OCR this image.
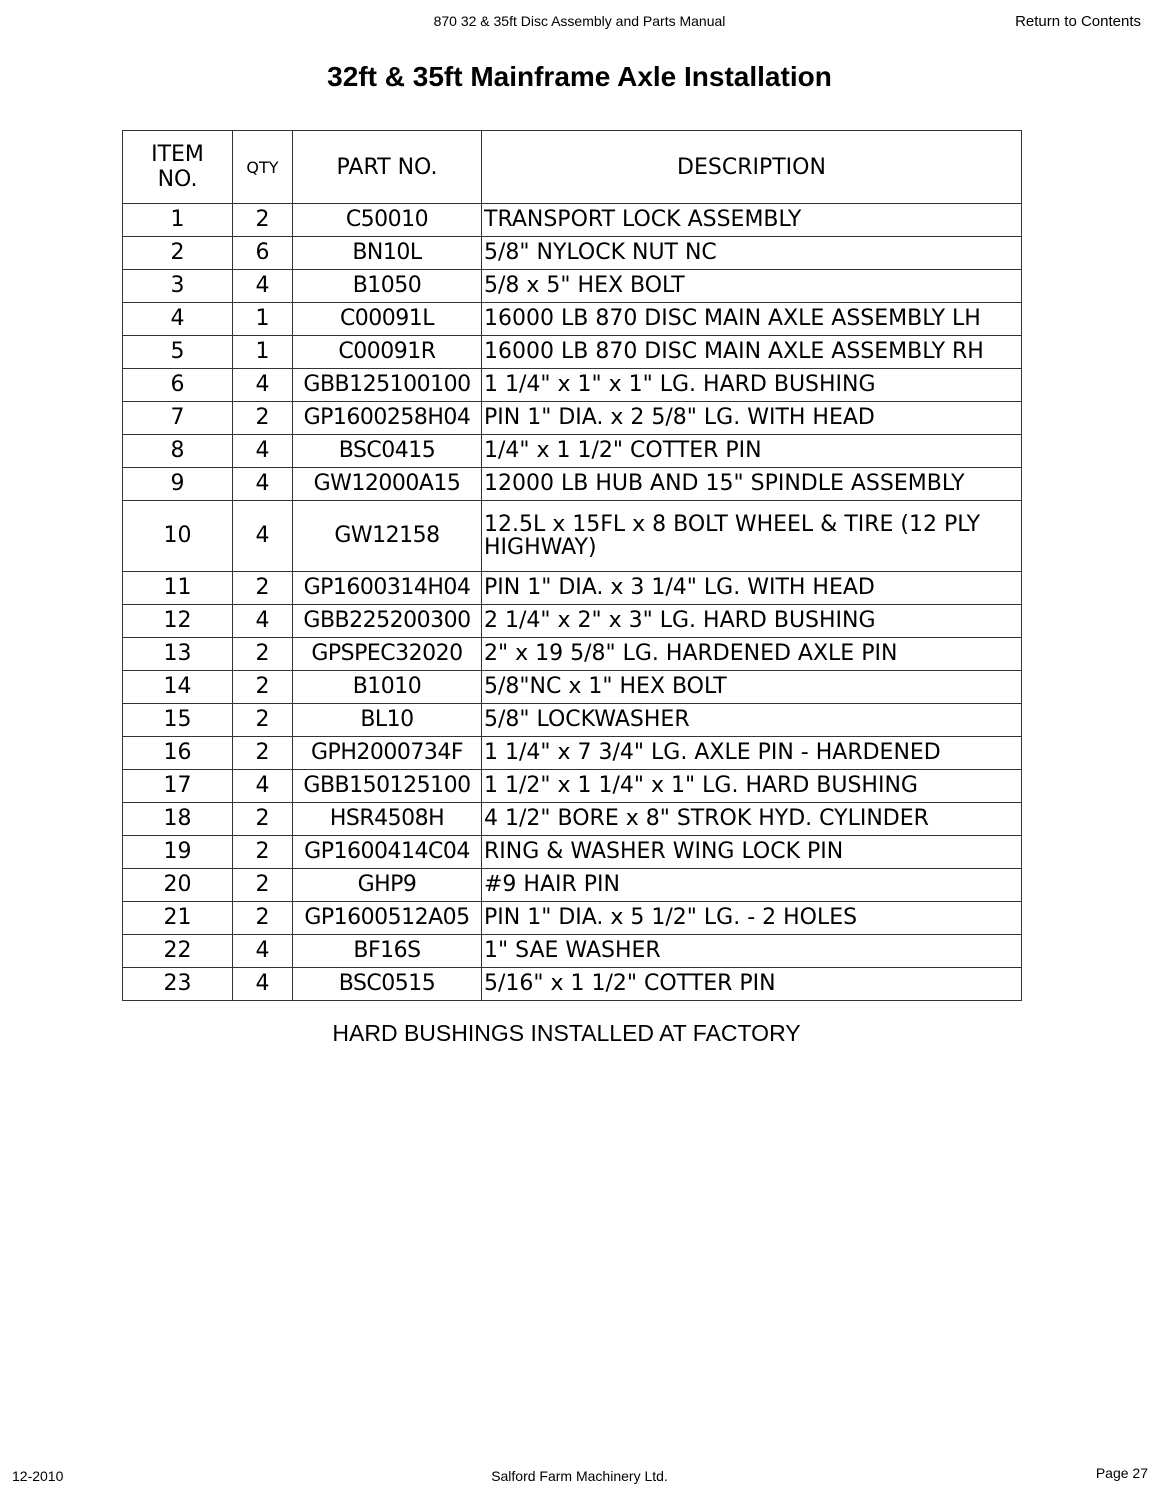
870 32 & 35ft Disc Assembly and Parts Manual	Return to Contents
32ft & 35ft Mainframe Axle Installation
ITEM
NO.	QTY	PART NO.	DESCRIPTION
1	2	C50010	TRANSPORT LOCK ASSEMBLY
2	6	BN10L	5/8" NYLOCK NUT NC
3	4	B1050	5/8 x 5" HEX BOLT
4	1	C00091L	16000 LB 870 DISC MAIN AXLE ASSEMBLY LH
5	1	C00091R	16000 LB 870 DISC MAIN AXLE ASSEMBLY RH
6	4	GBB125100100	1 1/4" x 1" x 1" LG. HARD BUSHING
7	2	GP1600258H04	PIN 1" DIA. x 2 5/8" LG. WITH HEAD
8	4	BSC0415	1/4" x 1 1/2" COTTER PIN
9	4	GW12000A15	12000 LB HUB AND 15" SPINDLE ASSEMBLY
10	4	GW12158	12.5L x 15FL x 8 BOLT WHEEL & TIRE (12 PLY
HIGHWAY)

11	2	GP1600314H04	PIN 1" DIA. x 3 1/4" LG. WITH HEAD
12	4	GBB225200300	2 1/4" x 2" x 3" LG. HARD BUSHING
13	2	GPSPEC32020	2" x 19 5/8" LG. HARDENED AXLE PIN
14	2	B1010	5/8"NC x 1" HEX BOLT
15	2	BL10	5/8" LOCKWASHER
16	2	GPH2000734F	1 1/4" x 7 3/4" LG. AXLE PIN - HARDENED
17	4	GBB150125100	1 1/2" x 1 1/4" x 1" LG. HARD BUSHING
18	2	HSR4508H	4 1/2" BORE x 8" STROK HYD. CYLINDER
19	2	GP1600414C04	RING & WASHER WING LOCK PIN
20	2	GHP9	#9 HAIR PIN
21	2	GP1600512A05	PIN 1" DIA. x 5 1/2" LG. - 2 HOLES
22	4	BF16S	1" SAE WASHER
23	4	BSC0515	5/16" x 1 1/2" COTTER PIN
HARD BUSHINGS INSTALLED AT FACTORY
12-2010	Salford Farm Machinery Ltd.	Page 27
